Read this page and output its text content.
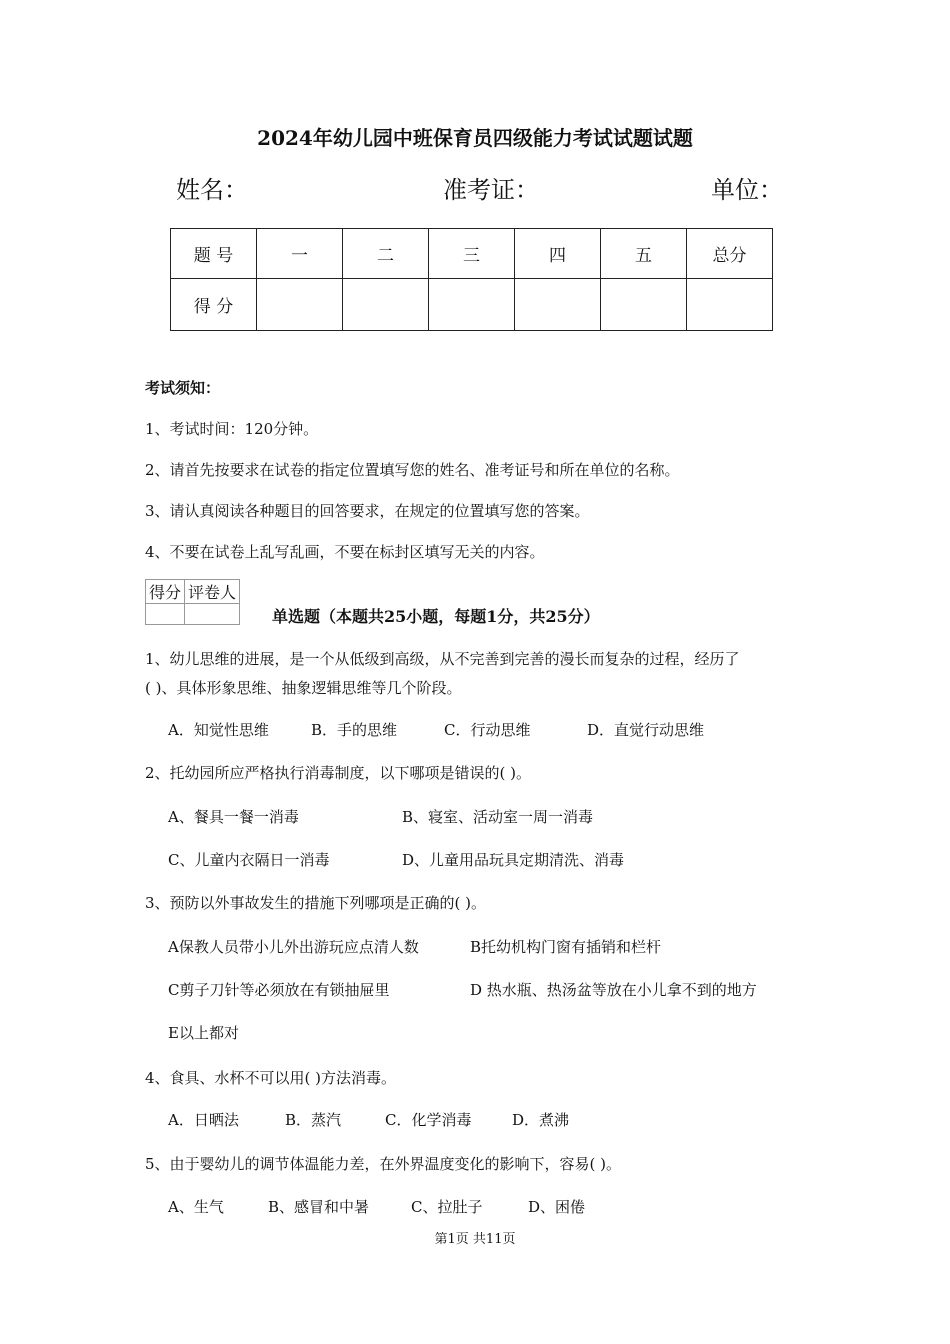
2024年幼儿园中班保育员四级能力考试试题试题
姓名：	准考证：	单位：
题 号	一	二	三	四	五	总分
得 分						
考试须知：
1、考试时间：120分钟。
2、请首先按要求在试卷的指定位置填写您的姓名、准考证号和所在单位的名称。
3、请认真阅读各种题目的回答要求，在规定的位置填写您的答案。
4、不要在试卷上乱写乱画，不要在标封区填写无关的内容。
得分	评卷人

单选题（本题共25小题，每题1分，共25分）
1、幼儿思维的进展，是一个从低级到高级，从不完善到完善的漫长而复杂的过程，经历了
( )、具体形象思维、抽象逻辑思维等几个阶段。
A．知觉性思维	B．手的思维	C．行动思维	D．直觉行动思维
2、托幼园所应严格执行消毒制度，以下哪项是错误的( )。
A、餐具一餐一消毒	B、寝室、活动室一周一消毒
C、儿童内衣隔日一消毒	D、儿童用品玩具定期清洗、消毒
3、预防以外事故发生的措施下列哪项是正确的( )。
A保教人员带小儿外出游玩应点清人数	B托幼机构门窗有插销和栏杆
C剪子刀针等必须放在有锁抽屉里	D 热水瓶、热汤盆等放在小儿拿不到的地方
E以上都对
4、食具、水杯不可以用( )方法消毒。
A．日晒法	B．蒸汽	C．化学消毒	D．煮沸
5、由于婴幼儿的调节体温能力差，在外界温度变化的影响下，容易( )。
A、生气	B、感冒和中暑	C、拉肚子	D、困倦
第1页 共11页
